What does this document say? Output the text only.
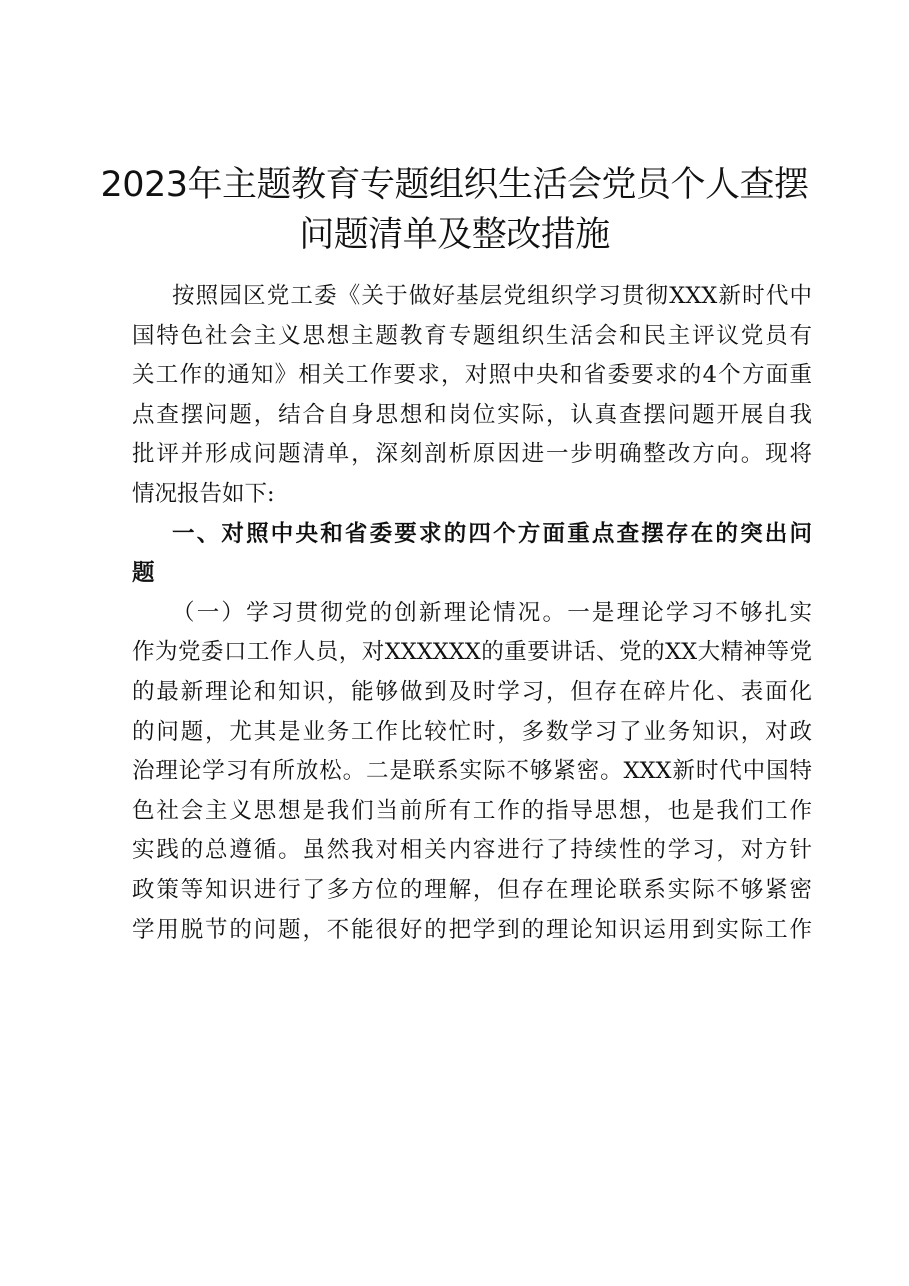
2023年主题教育专题组织生活会党员个人查摆
问题清单及整改措施
按照园区党工委《关于做好基层党组织学习贯彻XXX新时代中
国特色社会主义思想主题教育专题组织生活会和民主评议党员有
关工作的通知》相关工作要求，对照中央和省委要求的4个方面重
点查摆问题，结合自身思想和岗位实际，认真查摆问题开展自我
批评并形成问题清单，深刻剖析原因进一步明确整改方向。现将
情况报告如下:
一、对照中央和省委要求的四个方面重点查摆存在的突出问
题
（一）学习贯彻党的创新理论情况。一是理论学习不够扎实
作为党委口工作人员，对XXXXXX的重要讲话、党的XX大精神等党
的最新理论和知识，能够做到及时学习，但存在碎片化、表面化
的问题，尤其是业务工作比较忙时，多数学习了业务知识，对政
治理论学习有所放松。二是联系实际不够紧密。XXX新时代中国特
色社会主义思想是我们当前所有工作的指导思想，也是我们工作
实践的总遵循。虽然我对相关内容进行了持续性的学习，对方针
政策等知识进行了多方位的理解，但存在理论联系实际不够紧密
学用脱节的问题，不能很好的把学到的理论知识运用到实际工作
